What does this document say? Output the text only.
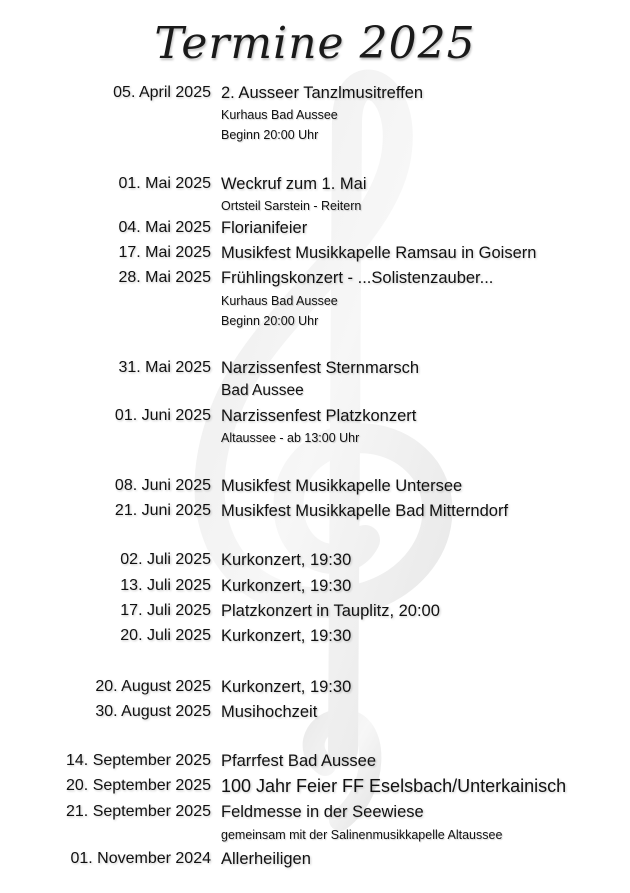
Termine 2025
05. April 2025 2. Ausseer Tanzlmusitreffen
Kurhaus Bad Aussee
Beginn 20:00 Uhr
01. Mai 2025 Weckruf zum 1. Mai
Ortsteil Sarstein - Reitern
04. Mai 2025 Florianifeier
17. Mai 2025 Musikfest Musikkapelle Ramsau in Goisern
28. Mai 2025 Frühlingskonzert - ...Solistenzauber...
Kurhaus Bad Aussee
Beginn 20:00 Uhr
31. Mai 2025 Narzissenfest Sternmarsch
Bad Aussee
01. Juni 2025 Narzissenfest Platzkonzert
Altaussee - ab 13:00 Uhr
08. Juni 2025 Musikfest Musikkapelle Untersee
21. Juni 2025 Musikfest Musikkapelle Bad Mitterndorf
02. Juli 2025 Kurkonzert, 19:30
13. Juli 2025 Kurkonzert, 19:30
17. Juli 2025 Platzkonzert in Tauplitz, 20:00
20. Juli 2025 Kurkonzert, 19:30
20. August 2025 Kurkonzert, 19:30
30. August 2025 Musihochzeit
14. September 2025 Pfarrfest Bad Aussee
20. September 2025 100 Jahr Feier FF Eselsbach/Unterkainisch
21. September 2025 Feldmesse in der Seewiese
gemeinsam mit der Salinenmusikkapelle Altaussee
01. November 2024 Allerheiligen
